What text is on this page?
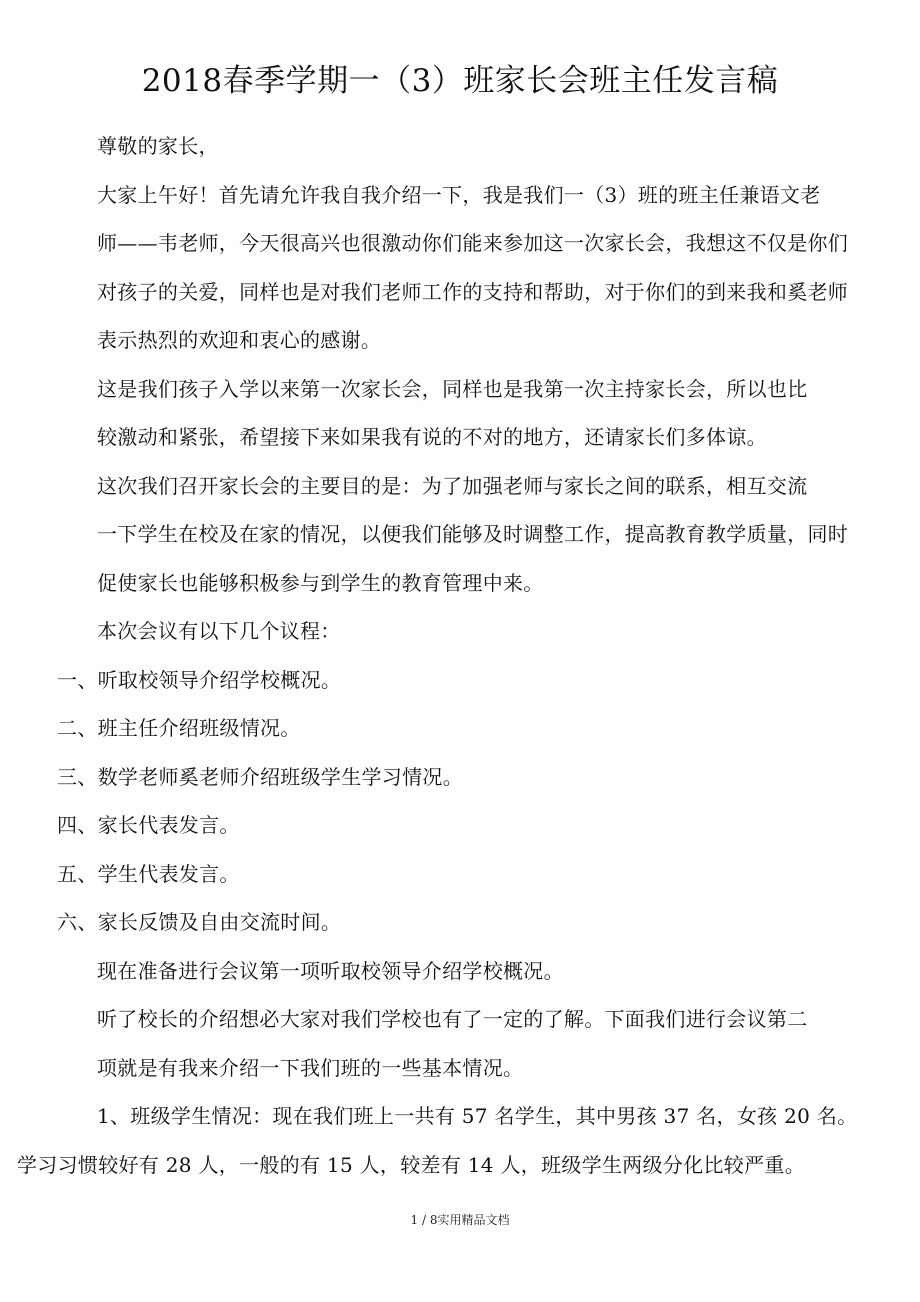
2018春季学期一（3）班家长会班主任发言稿

尊敬的家长，

大家上午好！首先请允许我自我介绍一下，我是我们一（3）班的班主任兼语文老
师——韦老师，今天很高兴也很激动你们能来参加这一次家长会，我想这不仅是你们
对孩子的关爱，同样也是对我们老师工作的支持和帮助，对于你们的到来我和奚老师
表示热烈的欢迎和衷心的感谢。

这是我们孩子入学以来第一次家长会，同样也是我第一次主持家长会，所以也比
较激动和紧张，希望接下来如果我有说的不对的地方，还请家长们多体谅。

这次我们召开家长会的主要目的是：为了加强老师与家长之间的联系，相互交流
一下学生在校及在家的情况，以便我们能够及时调整工作，提高教育教学质量，同时
促使家长也能够积极参与到学生的教育管理中来。

本次会议有以下几个议程：

一、听取校领导介绍学校概况。

二、班主任介绍班级情况。

三、数学老师奚老师介绍班级学生学习情况。

四、家长代表发言。

五、学生代表发言。

六、家长反馈及自由交流时间。

现在准备进行会议第一项听取校领导介绍学校概况。

听了校长的介绍想必大家对我们学校也有了一定的了解。下面我们进行会议第二
项就是有我来介绍一下我们班的一些基本情况。

1、班级学生情况：现在我们班上一共有 57 名学生，其中男孩 37 名，女孩 20 名。
学习习惯较好有 28 人，一般的有 15 人，较差有 14 人，班级学生两级分化比较严重。

1 / 8实用精品文档
